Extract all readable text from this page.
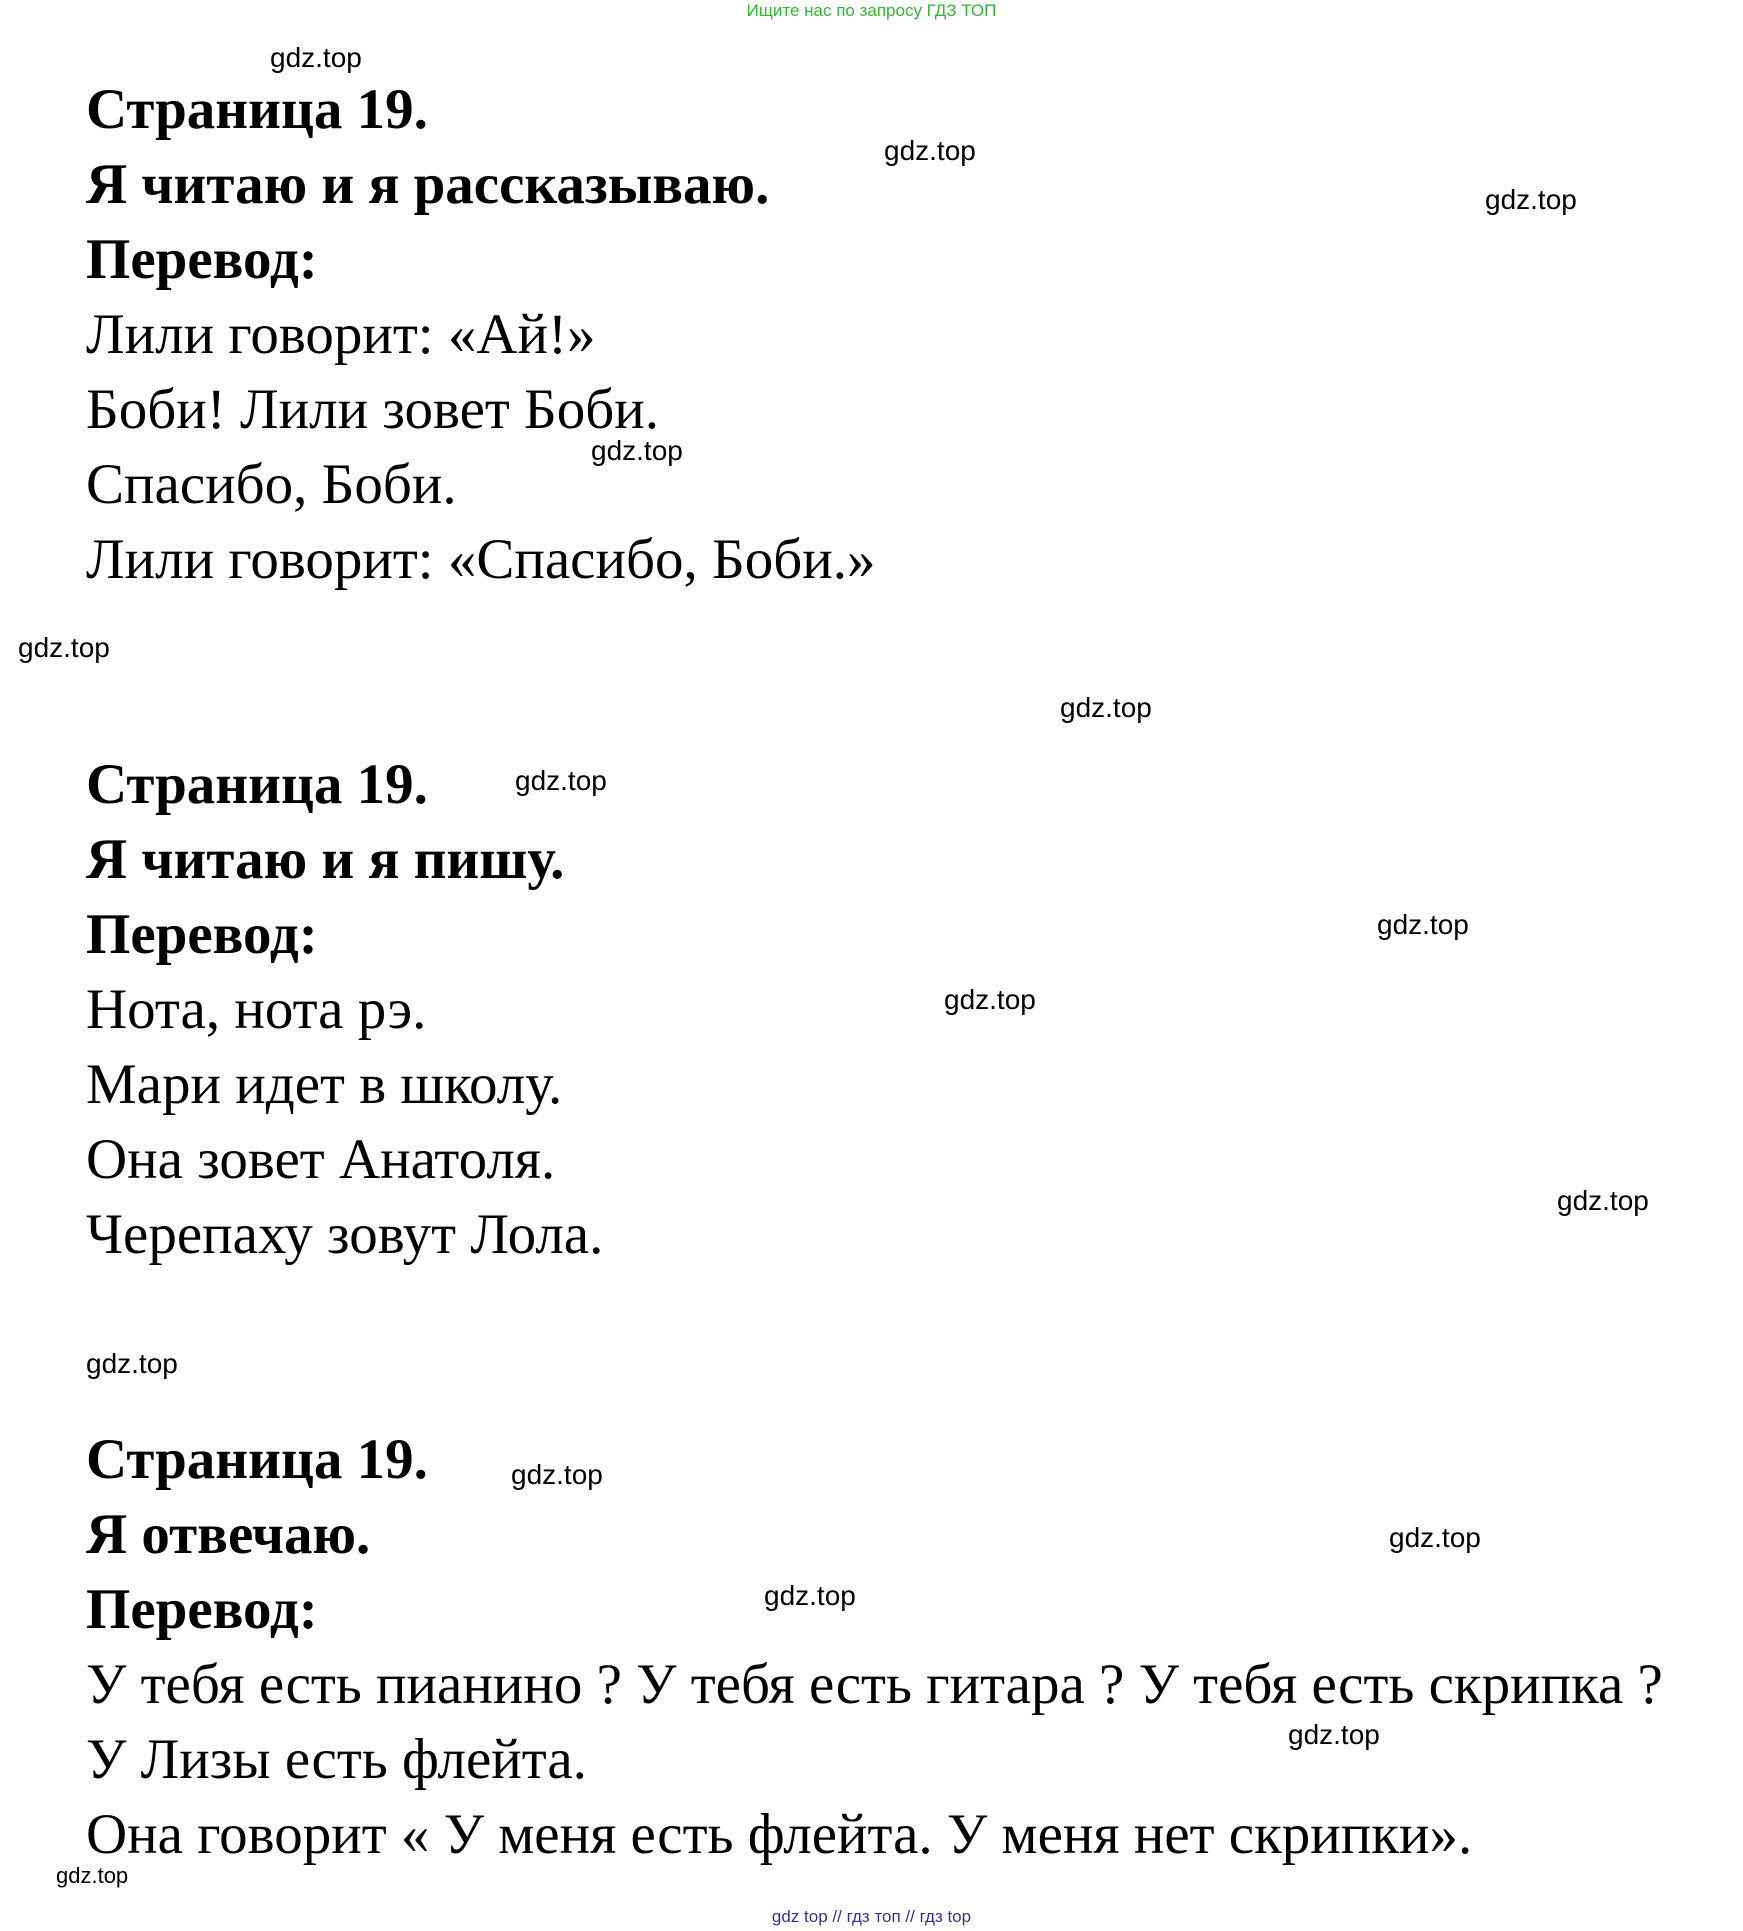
Ищите нас по запросу ГДЗ ТОП
Страница 19.
Я читаю и я рассказываю.
Перевод:
Лили говорит: «Ай!»
Боби! Лили зовет Боби.
Спасибо, Боби.
Лили говорит: «Спасибо, Боби.»
Страница 19.
Я читаю и я пишу.
Перевод:
Нота, нота рэ.
Мари идет в школу.
Она зовет Анатоля.
Черепаху зовут Лола.
Страница 19.
Я отвечаю.
Перевод:
У тебя есть пианино ? У тебя есть гитара ? У тебя есть скрипка ?
У Лизы есть флейта.
Она говорит « У меня есть флейта. У меня нет скрипки».
gdz.top
gdz.top
gdz.top
gdz.top
gdz.top
gdz.top
gdz.top
gdz.top
gdz.top
gdz.top
gdz.top
gdz.top
gdz.top
gdz.top
gdz.top
gdz.top
gdz top // гдз топ // гдз top
